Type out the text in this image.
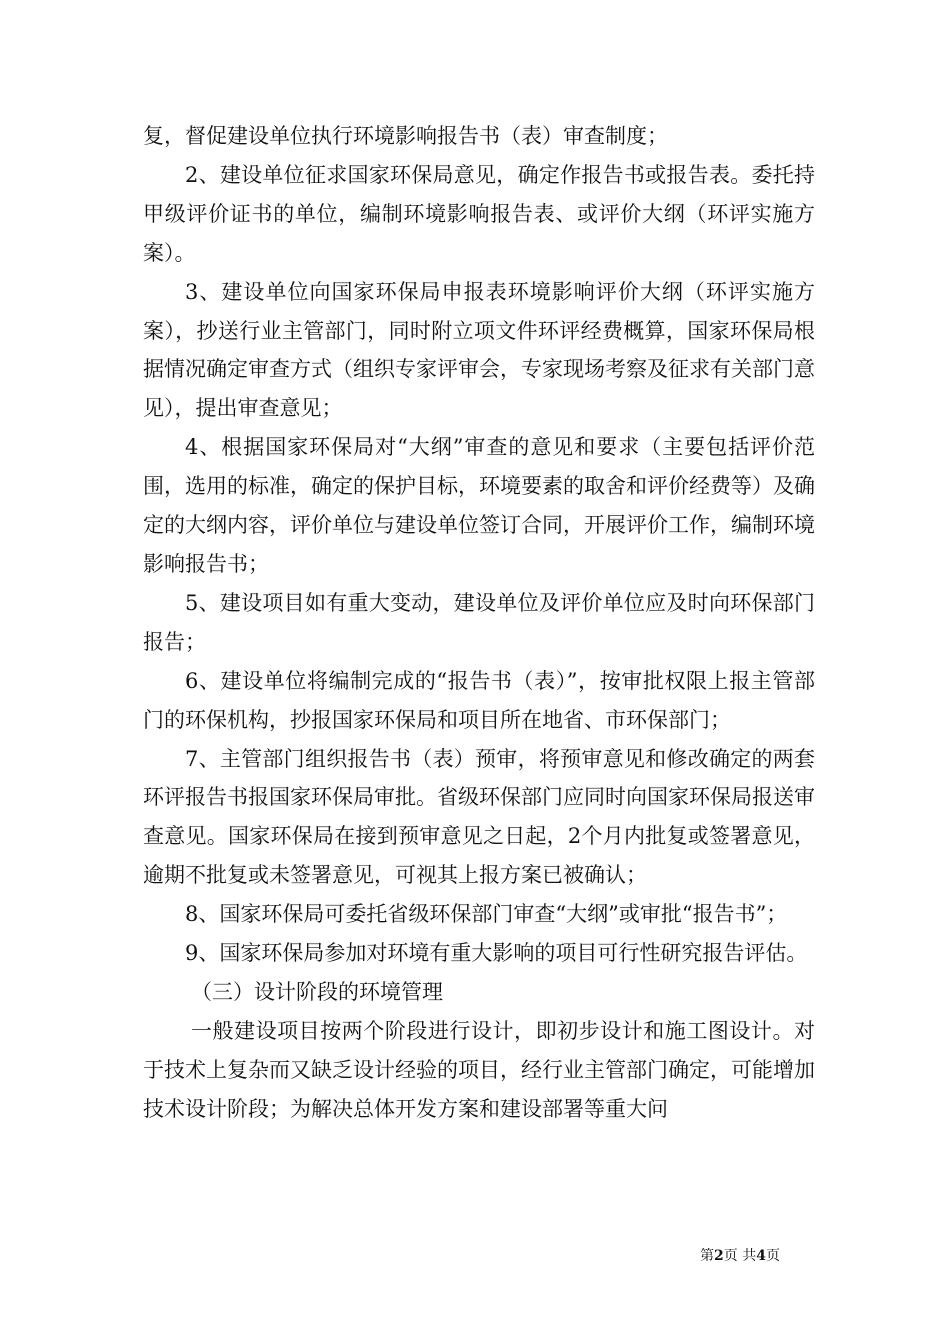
复，督促建设单位执行环境影响报告书（表）审查制度；

2、建设单位征求国家环保局意见，确定作报告书或报告表。委托持甲级评价证书的单位，编制环境影响报告表、或评价大纲（环评实施方案）。

3、建设单位向国家环保局申报表环境影响评价大纲（环评实施方案），抄送行业主管部门，同时附立项文件环评经费概算，国家环保局根据情况确定审查方式（组织专家评审会，专家现场考察及征求有关部门意见），提出审查意见；

4、根据国家环保局对“大纲”审查的意见和要求（主要包括评价范围，选用的标准，确定的保护目标，环境要素的取舍和评价经费等）及确定的大纲内容，评价单位与建设单位签订合同，开展评价工作，编制环境影响报告书；

5、建设项目如有重大变动，建设单位及评价单位应及时向环保部门报告；

6、建设单位将编制完成的“报告书（表）”，按审批权限上报主管部门的环保机构，抄报国家环保局和项目所在地省、市环保部门；

7、主管部门组织报告书（表）预审，将预审意见和修改确定的两套环评报告书报国家环保局审批。省级环保部门应同时向国家环保局报送审查意见。国家环保局在接到预审意见之日起，2个月内批复或签署意见，逾期不批复或未签署意见，可视其上报方案已被确认；

8、国家环保局可委托省级环保部门审查“大纲”或审批“报告书”；

9、国家环保局参加对环境有重大影响的项目可行性研究报告评估。

（三）设计阶段的环境管理

一般建设项目按两个阶段进行设计，即初步设计和施工图设计。对于技术上复杂而又缺乏设计经验的项目，经行业主管部门确定，可能增加技术设计阶段；为解决总体开发方案和建设部署等重大问

第2页 共4页
